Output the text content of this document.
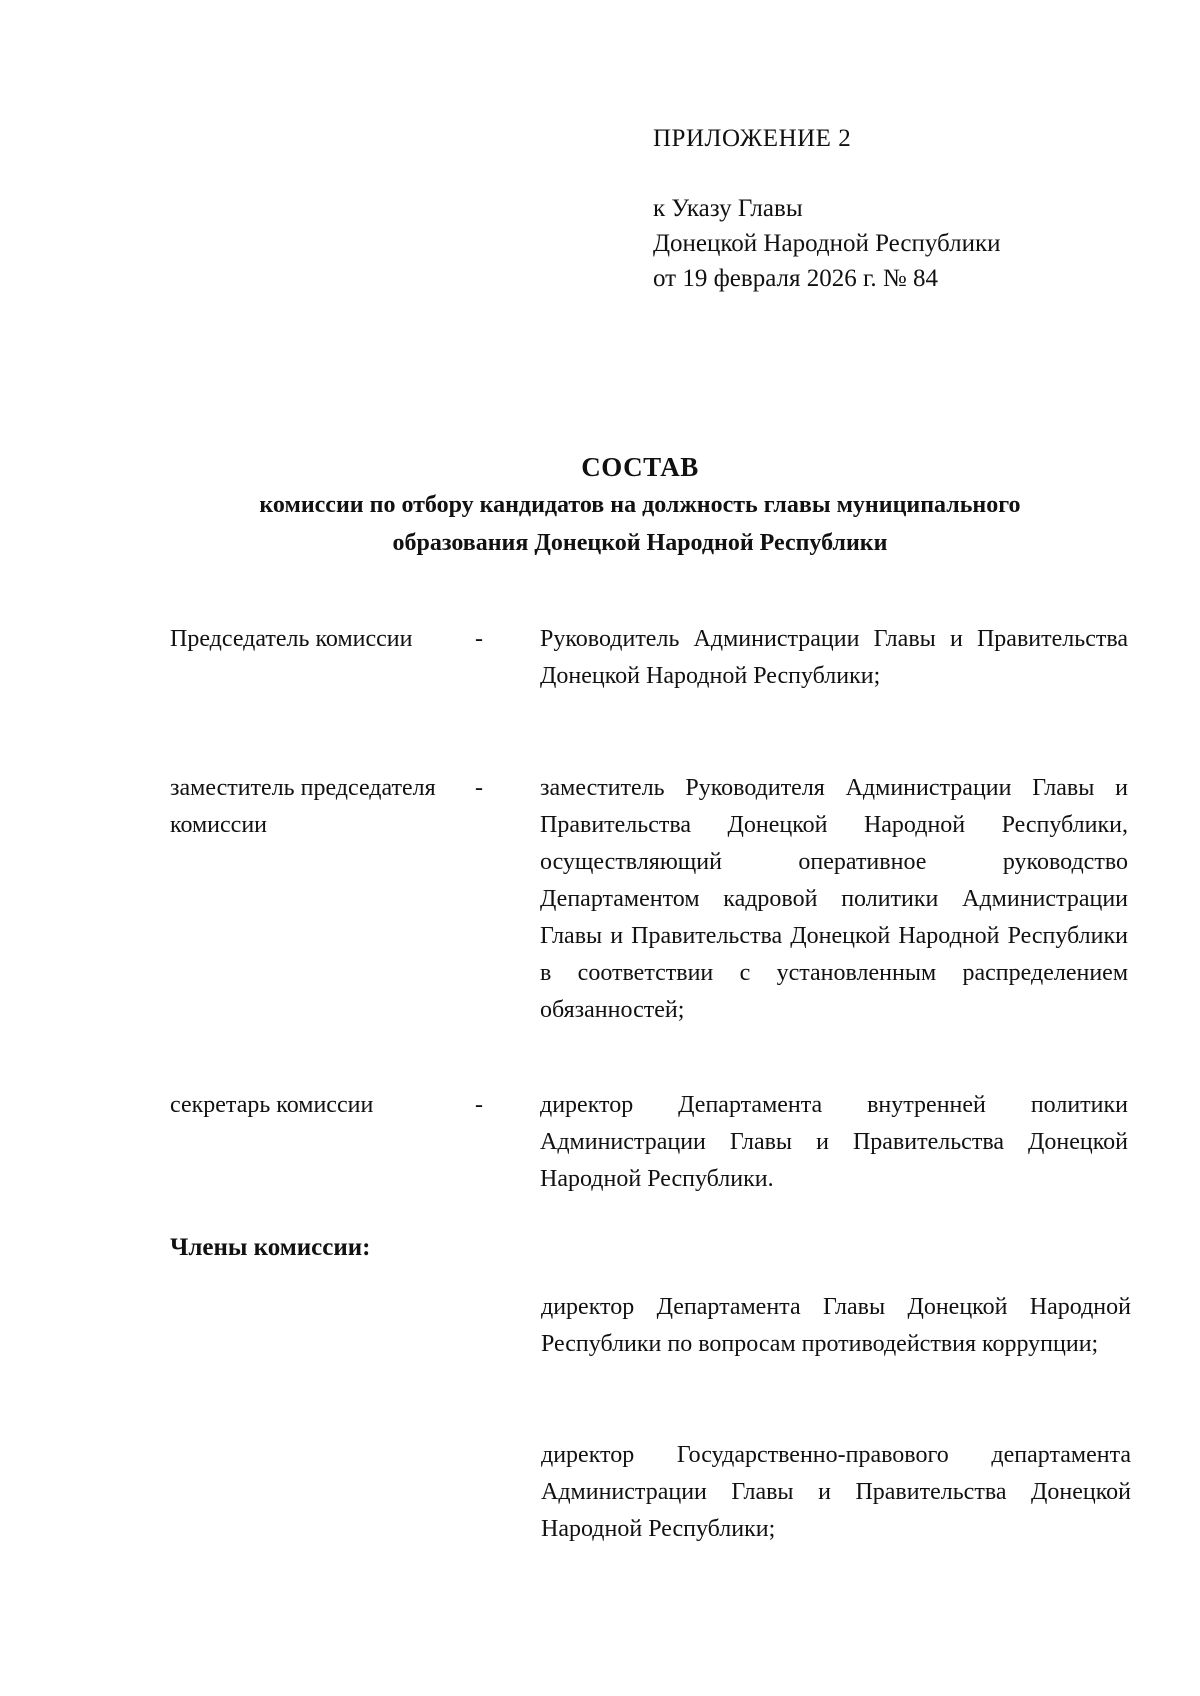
ПРИЛОЖЕНИЕ 2
к Указу Главы
Донецкой Народной Республики
от 19 февраля 2026 г. № 84
СОСТАВ
комиссии по отбору кандидатов на должность главы муниципального
образования Донецкой Народной Республики
Председатель комиссии	- Руководитель Администрации Главы и Правительства Донецкой Народной Республики;
заместитель председателя комиссии
- заместитель Руководителя Администрации Главы и Правительства Донецкой Народной Республики, осуществляющий оперативное руководство Департаментом кадровой политики Администрации Главы и Правительства Донецкой Народной Республики в соответствии с установленным распределением обязанностей;
секретарь комиссии	- директор Департамента внутренней политики Администрации Главы и Правительства Донецкой Народной Республики.
Члены комиссии:
директор Департамента Главы Донецкой Народной Республики по вопросам противодействия коррупции;
директор Государственно-правового департамента Администрации Главы и Правительства Донецкой Народной Республики;
